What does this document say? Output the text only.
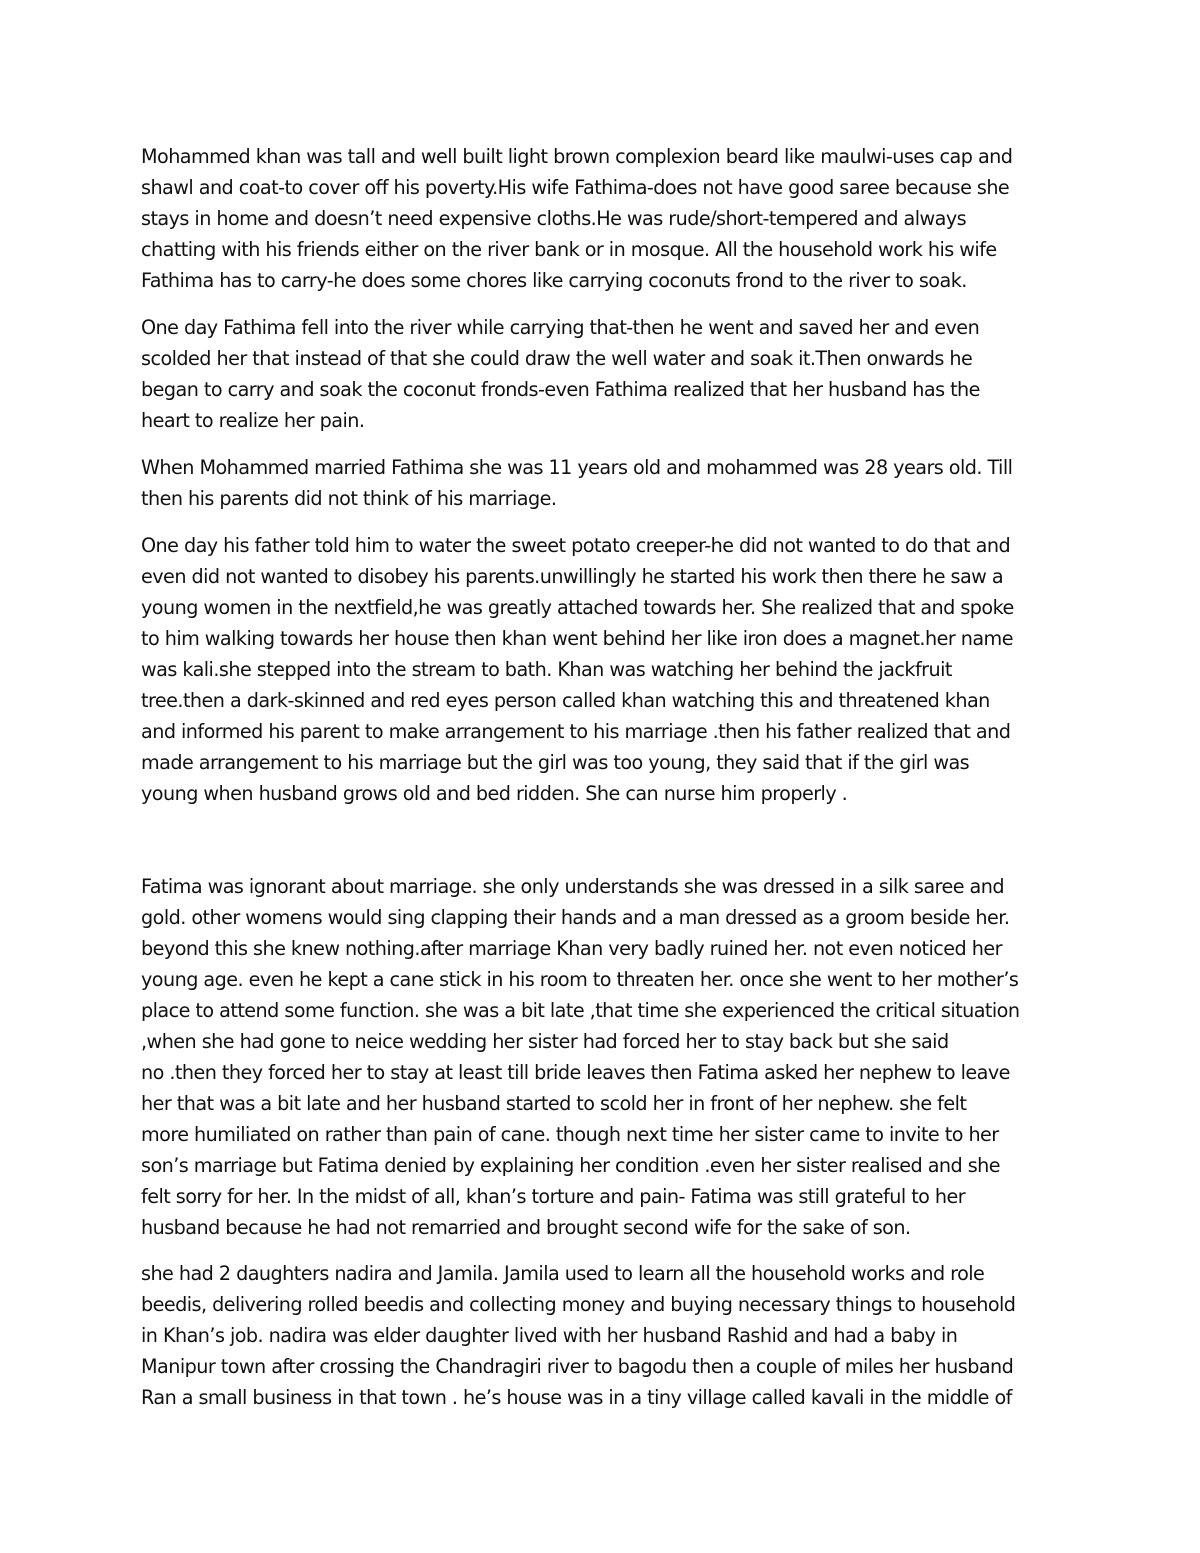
Mohammed khan was tall and well built light brown complexion beard like maulwi-uses cap and

shawl and coat-to cover off his poverty.His wife Fathima-does not have good saree because she

stays in home and doesn’t need expensive cloths.He was rude/short-tempered and always

chatting with his friends either on the river bank or in mosque. All the household work his wife

Fathima has to carry-he does some chores like carrying coconuts frond to the river to soak.

One day Fathima fell into the river while carrying that-then he went and saved her and even

scolded her that instead of that she could draw the well water and soak it.Then onwards he

began to carry and soak the coconut fronds-even Fathima realized that her husband has the

heart to realize her pain.

When Mohammed married Fathima she was 11 years old and mohammed was 28 years old. Till

then his parents did not think of his marriage.

One day his father told him to water the sweet potato creeper-he did not wanted to do that and

even did not wanted to disobey his parents.unwillingly he started his work then there he saw a

young women in the nextfield,he was greatly attached towards her. She realized that and spoke

to him walking towards her house then khan went behind her like iron does a magnet.her name

was kali.she stepped into the stream to bath. Khan was watching her behind the jackfruit

tree.then a dark-skinned and red eyes person called khan watching this and threatened khan

and informed his parent to make arrangement to his marriage .then his father realized that and

made arrangement to his marriage but the girl was too young, they said that if the girl was

young when husband grows old and bed ridden. She can nurse him properly .

Fatima was ignorant about marriage. she only understands she was dressed in a silk saree and

gold. other womens would sing clapping their hands and a man dressed as a groom beside her.

beyond this she knew nothing.after marriage Khan very badly ruined her. not even noticed her

young age. even he kept a cane stick in his room to threaten her. once she went to her mother’s

place to attend some function. she was a bit late ,that time she experienced the critical situation

,when she had gone to neice wedding her sister had forced her to stay back but she said

no .then they forced her to stay at least till bride leaves then Fatima asked her nephew to leave

her that was a bit late and her husband started to scold her in front of her nephew. she felt

more humiliated on rather than pain of cane. though next time her sister came to invite to her

son’s marriage but Fatima denied by explaining her condition .even her sister realised and she

felt sorry for her. In the midst of all, khan’s torture and pain- Fatima was still grateful to her

husband because he had not remarried and brought second wife for the sake of son.

she had 2 daughters nadira and Jamila. Jamila used to learn all the household works and role

beedis, delivering rolled beedis and collecting money and buying necessary things to household

in Khan’s job. nadira was elder daughter lived with her husband Rashid and had a baby in

Manipur town after crossing the Chandragiri river to bagodu then a couple of miles her husband

Ran a small business in that town . he’s house was in a tiny village called kavali in the middle of
